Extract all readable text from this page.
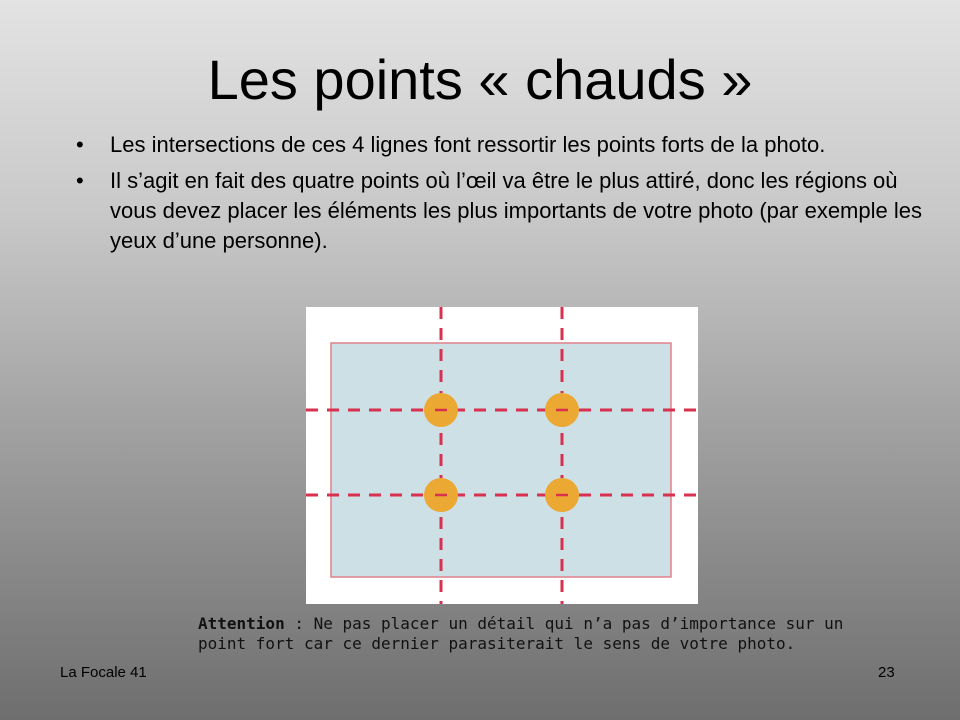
Les points « chauds »
• Les intersections de ces 4 lignes font ressortir les points forts de la photo.
• Il s’agit en fait des quatre points où l’œil va être le plus attiré, donc les régions où vous devez placer les éléments les plus importants de votre photo (par exemple les yeux d’une personne).
Attention : Ne pas placer un détail qui n’a pas d’importance sur un point fort car ce dernier parasiterait le sens de votre photo.
La Focale 41	23
